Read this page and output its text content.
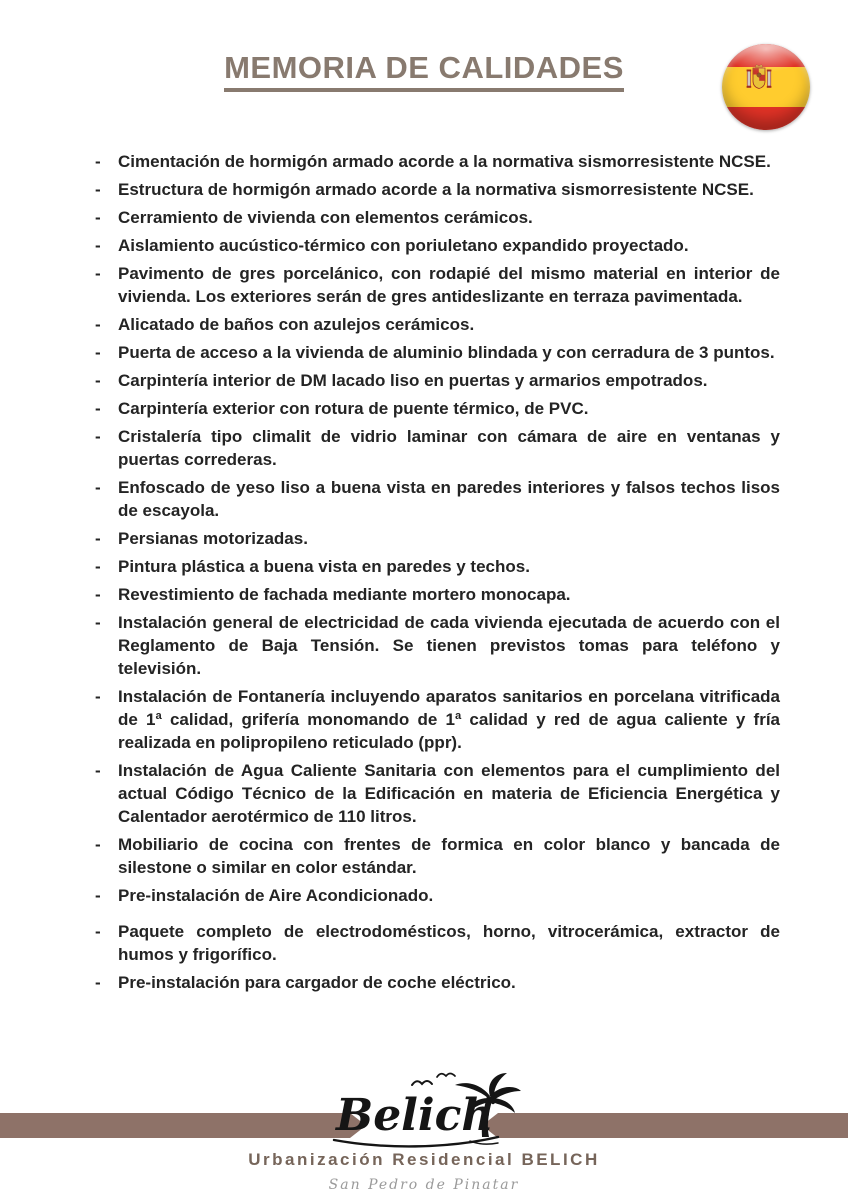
MEMORIA DE CALIDADES
-	Cimentación de hormigón armado acorde a la normativa sismorresistente NCSE.
-	Estructura de hormigón armado acorde a la normativa sismorresistente NCSE.
-	Cerramiento de vivienda con elementos cerámicos.
-	Aislamiento aucústico-térmico con poriuletano expandido proyectado.
-	Pavimento de gres porcelánico, con rodapié del mismo material en interior de vivienda. Los exteriores serán de gres antideslizante en terraza pavimentada.
-	Alicatado de baños con azulejos cerámicos.
-	Puerta de acceso a la vivienda de aluminio blindada y con cerradura de 3 puntos.
-	Carpintería interior de DM lacado liso en puertas y armarios empotrados.
-	Carpintería exterior con rotura de puente térmico, de PVC.
-	Cristalería tipo climalit de vidrio laminar con cámara de aire en ventanas y puertas correderas.
-	Enfoscado de yeso liso a buena vista en paredes interiores y falsos techos lisos de escayola.
-	Persianas motorizadas.
-	Pintura plástica a buena vista en paredes y techos.
-	Revestimiento de fachada mediante mortero monocapa.
-	Instalación general de electricidad de cada vivienda ejecutada de acuerdo con el Reglamento de Baja Tensión. Se tienen previstos tomas para teléfono y televisión.
-	Instalación de Fontanería incluyendo aparatos sanitarios en porcelana vitrificada de 1ª calidad, grifería monomando de 1ª calidad y red de agua caliente y fría realizada en polipropileno reticulado (ppr).
-	Instalación de Agua Caliente Sanitaria con elementos para el cumplimiento del actual Código Técnico de la Edificación en materia de Eficiencia Energética y Calentador aerotérmico de 110 litros.
-	Mobiliario de cocina con frentes de formica en color blanco y bancada de silestone o similar en color estándar.
-	Pre-instalación de Aire Acondicionado.
-	Paquete completo de electrodomésticos, horno, vitrocerámica, extractor de humos y frigorífico.
-	Pre-instalación para cargador de coche eléctrico.
Belich
Urbanización Residencial BELICH
San Pedro de Pinatar
